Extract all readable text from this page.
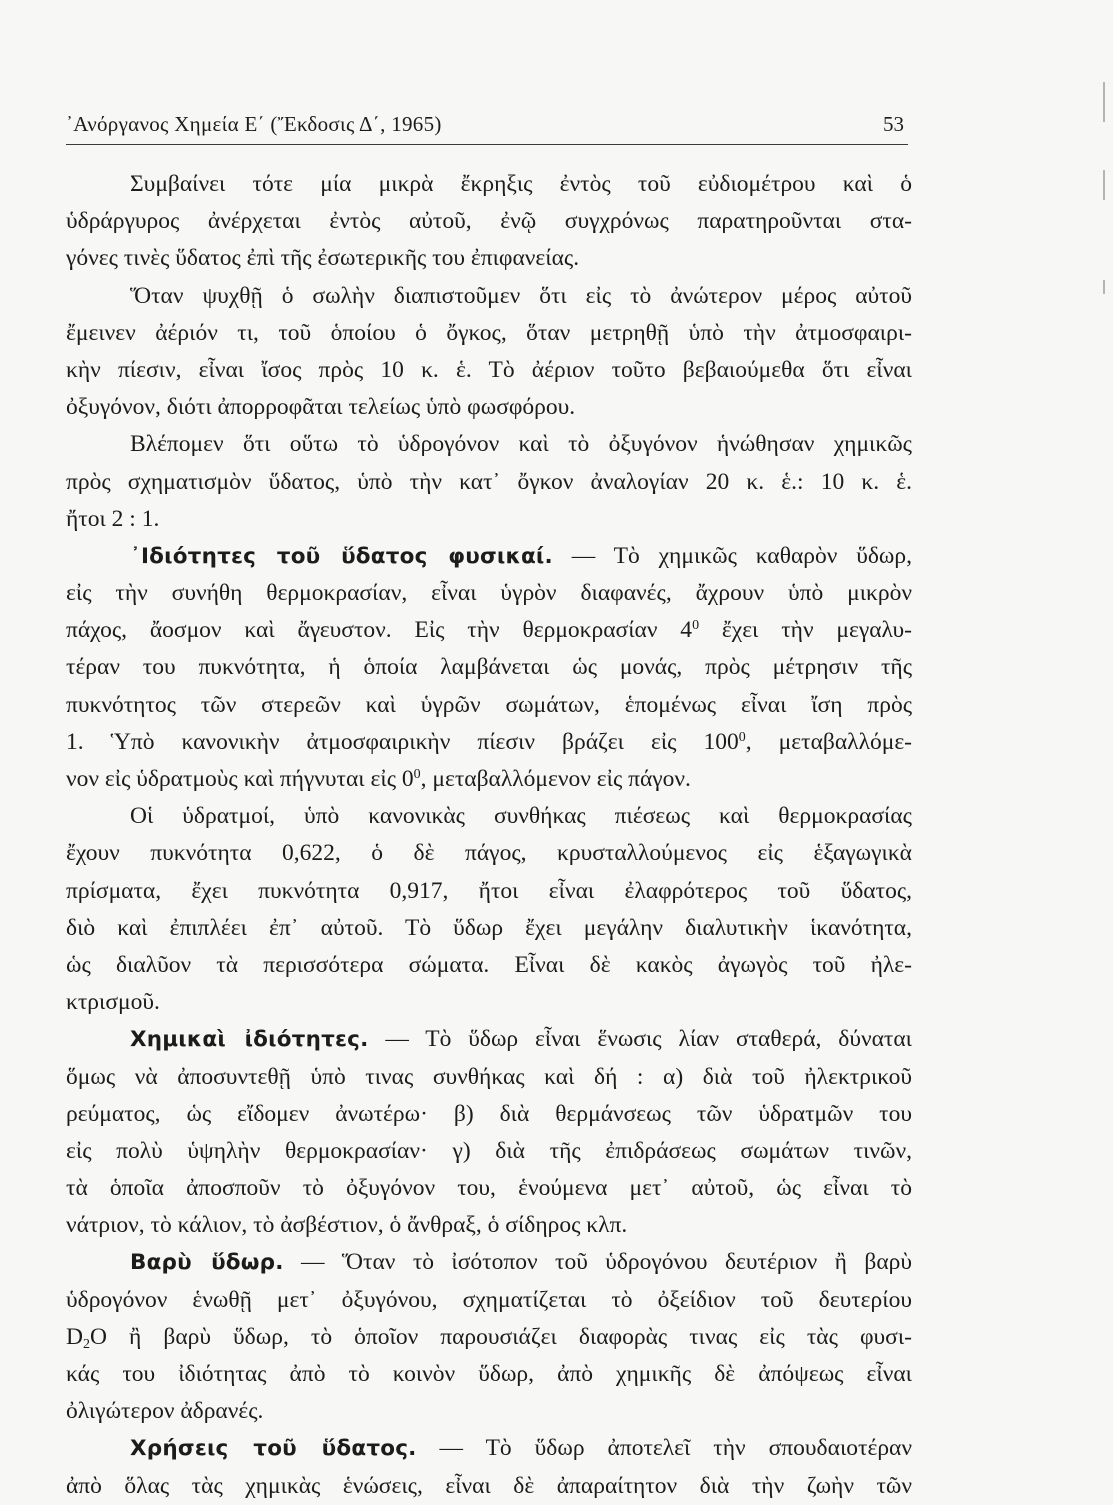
᾿Ανόργανος Χημεία Ε΄ (Ἔκδοσις Δ΄, 1965)	53
Συμβαίνει τότε μία μικρὰ ἔκρηξις ἐντὸς τοῦ εὐδιομέτρου καὶ ὁ
ὑδράργυρος ἀνέρχεται ἐντὸς αὐτοῦ, ἐνῷ συγχρόνως παρατηροῦνται στα-
γόνες τινὲς ὕδατος ἐπὶ τῆς ἐσωτερικῆς του ἐπιφανείας.
Ὅταν ψυχθῇ ὁ σωλὴν διαπιστοῦμεν ὅτι εἰς τὸ ἀνώτερον μέρος αὐτοῦ
ἔμεινεν ἀέριόν τι, τοῦ ὁποίου ὁ ὄγκος, ὅταν μετρηθῇ ὑπὸ τὴν ἀτμοσφαιρι-
κὴν πίεσιν, εἶναι ἴσος πρὸς 10 κ. ἑ. Τὸ ἀέριον τοῦτο βεβαιούμεθα ὅτι εἶναι
ὀξυγόνον, διότι ἀπορροφᾶται τελείως ὑπὸ φωσφόρου.
Βλέπομεν ὅτι οὕτω τὸ ὑδρογόνον καὶ τὸ ὀξυγόνον ἡνώθησαν χημικῶς
πρὸς σχηματισμὸν ὕδατος, ὑπὸ τὴν κατ᾿ ὄγκον ἀναλογίαν 20 κ. ἑ.: 10 κ. ἑ.
ἤτοι 2 : 1.
᾿Ιδιότητες τοῦ ὕδατος φυσικαί. — Τὸ χημικῶς καθαρὸν ὕδωρ,
εἰς τὴν συνήθη θερμοκρασίαν, εἶναι ὑγρὸν διαφανές, ἄχρουν ὑπὸ μικρὸν
πάχος, ἄοσμον καὶ ἄγευστον. Εἰς τὴν θερμοκρασίαν $4^0$ ἔχει τὴν μεγαλυ-
τέραν του πυκνότητα, ἡ ὁποία λαμβάνεται ὡς μονάς, πρὸς μέτρησιν τῆς
πυκνότητος τῶν στερεῶν καὶ ὑγρῶν σωμάτων, ἑπομένως εἶναι ἴση πρὸς
1. Ὑπὸ κανονικὴν ἀτμοσφαιρικὴν πίεσιν βράζει εἰς $100^0$, μεταβαλλόμε-
νον εἰς ὑδρατμοὺς καὶ πήγνυται εἰς $0^0$, μεταβαλλόμενον εἰς πάγον.
Οἱ ὑδρατμοί, ὑπὸ κανονικὰς συνθήκας πιέσεως καὶ θερμοκρασίας
ἔχουν πυκνότητα 0,622, ὁ δὲ πάγος, κρυσταλλούμενος εἰς ἑξαγωγικὰ
πρίσματα, ἔχει πυκνότητα 0,917, ἤτοι εἶναι ἐλαφρότερος τοῦ ὕδατος,
διὸ καὶ ἐπιπλέει ἐπ᾿ αὐτοῦ. Τὸ ὕδωρ ἔχει μεγάλην διαλυτικὴν ἱκανότητα,
ὡς διαλῦον τὰ περισσότερα σώματα. Εἶναι δὲ κακὸς ἀγωγὸς τοῦ ἠλε-
κτρισμοῦ.
Χημικαὶ ἰδιότητες. — Τὸ ὕδωρ εἶναι ἕνωσις λίαν σταθερά, δύναται
ὅμως νὰ ἀποσυντεθῇ ὑπὸ τινας συνθήκας καὶ δή : α) διὰ τοῦ ἠλεκτρικοῦ
ρεύματος, ὡς εἴδομεν ἀνωτέρω· β) διὰ θερμάνσεως τῶν ὑδρατμῶν του
εἰς πολὺ ὑψηλὴν θερμοκρασίαν· γ) διὰ τῆς ἐπιδράσεως σωμάτων τινῶν,
τὰ ὁποῖα ἀποσποῦν τὸ ὀξυγόνον του, ἑνούμενα μετ᾿ αὐτοῦ, ὡς εἶναι τὸ
νάτριον, τὸ κάλιον, τὸ ἀσβέστιον, ὁ ἄνθραξ, ὁ σίδηρος κλπ.
Βαρὺ ὕδωρ. — Ὅταν τὸ ἰσότοπον τοῦ ὑδρογόνου δευτέριον ἢ βαρὺ
ὑδρογόνον ἑνωθῇ μετ᾿ ὀξυγόνου, σχηματίζεται τὸ ὀξείδιον τοῦ δευτερίου
$D_2O$ ἢ βαρὺ ὕδωρ, τὸ ὁποῖον παρουσιάζει διαφορὰς τινας εἰς τὰς φυσι-
κάς του ἰδιότητας ἀπὸ τὸ κοινὸν ὕδωρ, ἀπὸ χημικῆς δὲ ἀπόψεως εἶναι
ὀλιγώτερον ἀδρανές.
Χρήσεις τοῦ ὕδατος. — Τὸ ὕδωρ ἀποτελεῖ τὴν σπουδαιοτέραν
ἀπὸ ὅλας τὰς χημικὰς ἑνώσεις, εἶναι δὲ ἀπαραίτητον διὰ τὴν ζωὴν τῶν
